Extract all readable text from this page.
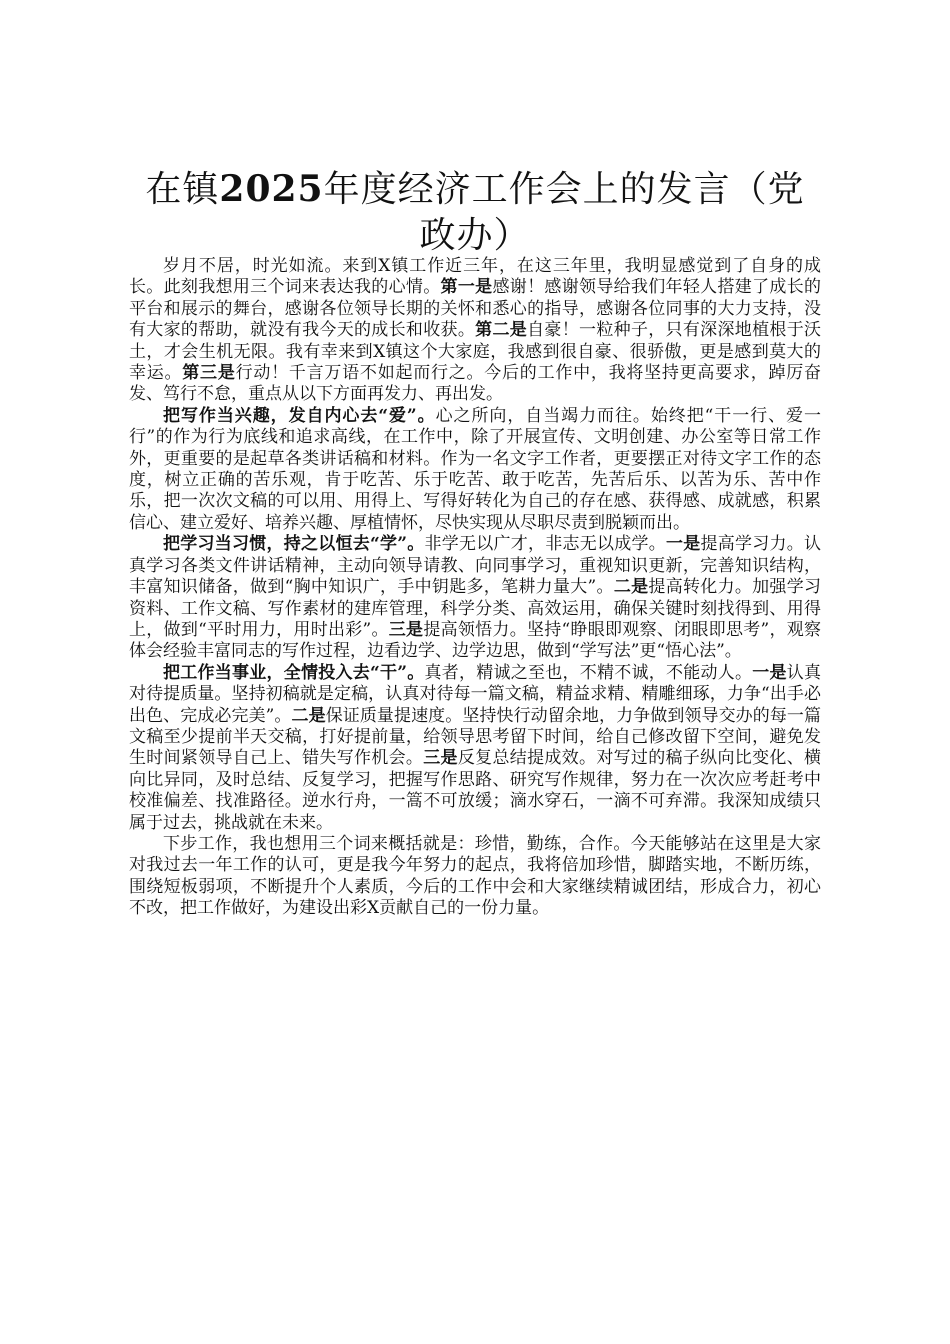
在镇2025年度经济工作会上的发言（党政办）

岁月不居，时光如流。来到X镇工作近三年，在这三年里，我明显感觉到了自身的成长。此刻我想用三个词来表达我的心情。第一是感谢！感谢领导给我们年轻人搭建了成长的平台和展示的舞台，感谢各位领导长期的关怀和悉心的指导，感谢各位同事的大力支持，没有大家的帮助，就没有我今天的成长和收获。第二是自豪！一粒种子，只有深深地植根于沃土，才会生机无限。我有幸来到X镇这个大家庭，我感到很自豪、很骄傲，更是感到莫大的幸运。第三是行动！千言万语不如起而行之。今后的工作中，我将坚持更高要求，踔厉奋发、笃行不怠，重点从以下方面再发力、再出发。

把写作当兴趣，发自内心去“爱”。心之所向，自当竭力而往。始终把“干一行、爱一行”的作为行为底线和追求高线，在工作中，除了开展宣传、文明创建、办公室等日常工作外，更重要的是起草各类讲话稿和材料。作为一名文字工作者，更要摆正对待文字工作的态度，树立正确的苦乐观，肯于吃苦、乐于吃苦、敢于吃苦，先苦后乐、以苦为乐、苦中作乐，把一次次文稿的可以用、用得上、写得好转化为自己的存在感、获得感、成就感，积累信心、建立爱好、培养兴趣、厚植情怀，尽快实现从尽职尽责到脱颖而出。

把学习当习惯，持之以恒去“学”。非学无以广才，非志无以成学。一是提高学习力。认真学习各类文件讲话精神，主动向领导请教、向同事学习，重视知识更新，完善知识结构，丰富知识储备，做到“胸中知识广，手中钥匙多，笔耕力量大”。二是提高转化力。加强学习资料、工作文稿、写作素材的建库管理，科学分类、高效运用，确保关键时刻找得到、用得上，做到“平时用力，用时出彩”。三是提高领悟力。坚持“睁眼即观察、闭眼即思考”，观察体会经验丰富同志的写作过程，边看边学、边学边思，做到“学写法”更“悟心法”。

把工作当事业，全情投入去“干”。真者，精诚之至也，不精不诚，不能动人。一是认真对待提质量。坚持初稿就是定稿，认真对待每一篇文稿，精益求精、精雕细琢，力争“出手必出色、完成必完美”。二是保证质量提速度。坚持快行动留余地，力争做到领导交办的每一篇文稿至少提前半天交稿，打好提前量，给领导思考留下时间，给自己修改留下空间，避免发生时间紧领导自己上、错失写作机会。三是反复总结提成效。对写过的稿子纵向比变化、横向比异同，及时总结、反复学习，把握写作思路、研究写作规律，努力在一次次应考赶考中校准偏差、找准路径。逆水行舟，一篙不可放缓；滴水穿石，一滴不可弃滞。我深知成绩只属于过去，挑战就在未来。

下步工作，我也想用三个词来概括就是：珍惜，勤练，合作。今天能够站在这里是大家对我过去一年工作的认可，更是我今年努力的起点，我将倍加珍惜，脚踏实地，不断历练，围绕短板弱项，不断提升个人素质，今后的工作中会和大家继续精诚团结，形成合力，初心不改，把工作做好，为建设出彩X贡献自己的一份力量。
